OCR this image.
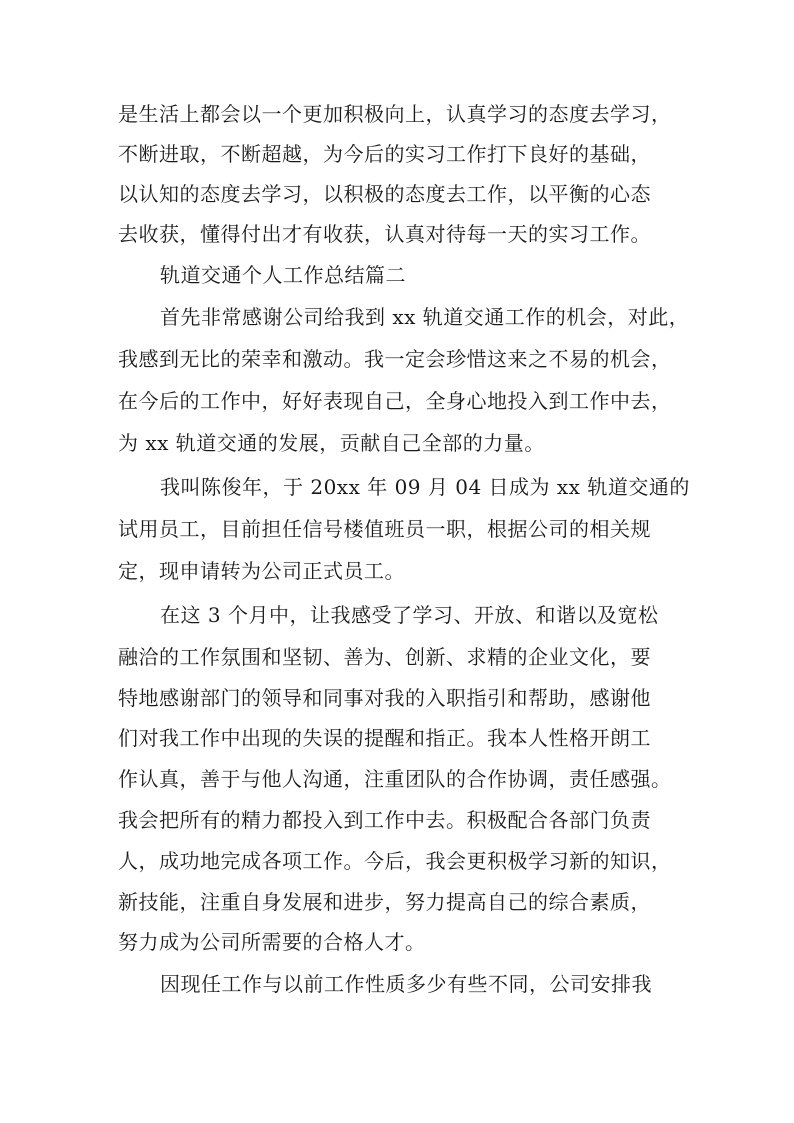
是生活上都会以一个更加积极向上，认真学习的态度去学习，
不断进取，不断超越，为今后的实习工作打下良好的基础，
以认知的态度去学习，以积极的态度去工作，以平衡的心态
去收获，懂得付出才有收获，认真对待每一天的实习工作。
轨道交通个人工作总结篇二
首先非常感谢公司给我到 xx 轨道交通工作的机会，对此，
我感到无比的荣幸和激动。我一定会珍惜这来之不易的机会，
在今后的工作中，好好表现自己，全身心地投入到工作中去，
为 xx 轨道交通的发展，贡献自己全部的力量。
我叫陈俊年，于 20xx 年 09 月 04 日成为 xx 轨道交通的
试用员工，目前担任信号楼值班员一职，根据公司的相关规
定，现申请转为公司正式员工。
在这 3 个月中，让我感受了学习、开放、和谐以及宽松
融洽的工作氛围和坚韧、善为、创新、求精的企业文化，要
特地感谢部门的领导和同事对我的入职指引和帮助，感谢他
们对我工作中出现的失误的提醒和指正。我本人性格开朗工
作认真，善于与他人沟通，注重团队的合作协调，责任感强。
我会把所有的精力都投入到工作中去。积极配合各部门负责
人，成功地完成各项工作。今后，我会更积极学习新的知识，
新技能，注重自身发展和进步，努力提高自己的综合素质，
努力成为公司所需要的合格人才。
因现任工作与以前工作性质多少有些不同，公司安排我
